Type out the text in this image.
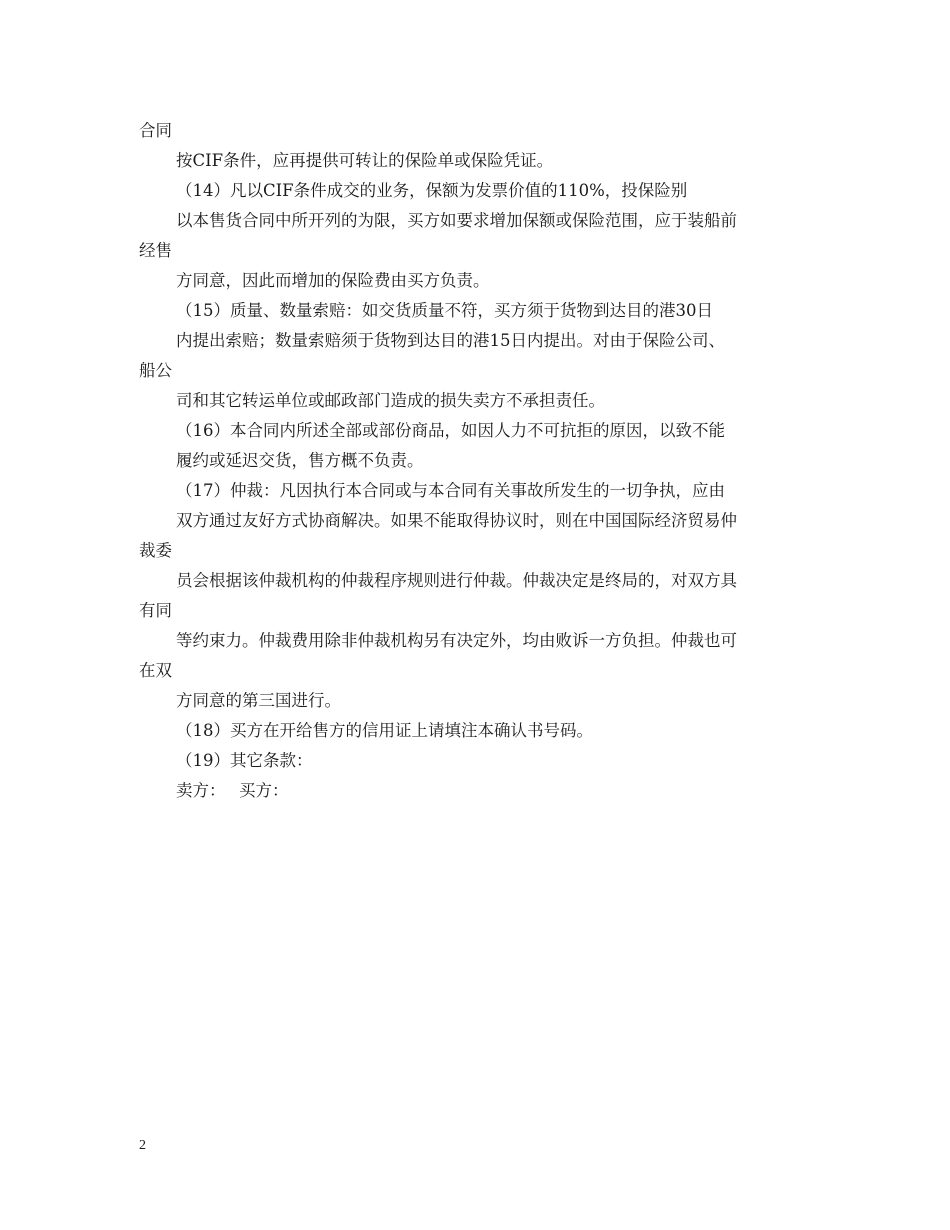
合同
按CIF条件，应再提供可转让的保险单或保险凭证。
（14）凡以CIF条件成交的业务，保额为发票价值的110%，投保险别
以本售货合同中所开列的为限，买方如要求增加保额或保险范围，应于装船前
经售
方同意，因此而增加的保险费由买方负责。
（15）质量、数量索赔：如交货质量不符，买方须于货物到达目的港30日
内提出索赔；数量索赔须于货物到达目的港15日内提出。对由于保险公司、
船公
司和其它转运单位或邮政部门造成的损失卖方不承担责任。
（16）本合同内所述全部或部份商品，如因人力不可抗拒的原因，以致不能
履约或延迟交货，售方概不负责。
（17）仲裁：凡因执行本合同或与本合同有关事故所发生的一切争执，应由
双方通过友好方式协商解决。如果不能取得协议时，则在中国国际经济贸易仲
裁委
员会根据该仲裁机构的仲裁程序规则进行仲裁。仲裁决定是终局的，对双方具
有同
等约束力。仲裁费用除非仲裁机构另有决定外，均由败诉一方负担。仲裁也可
在双
方同意的第三国进行。
（18）买方在开给售方的信用证上请填注本确认书号码。
（19）其它条款：
卖方：　 买方：
2
